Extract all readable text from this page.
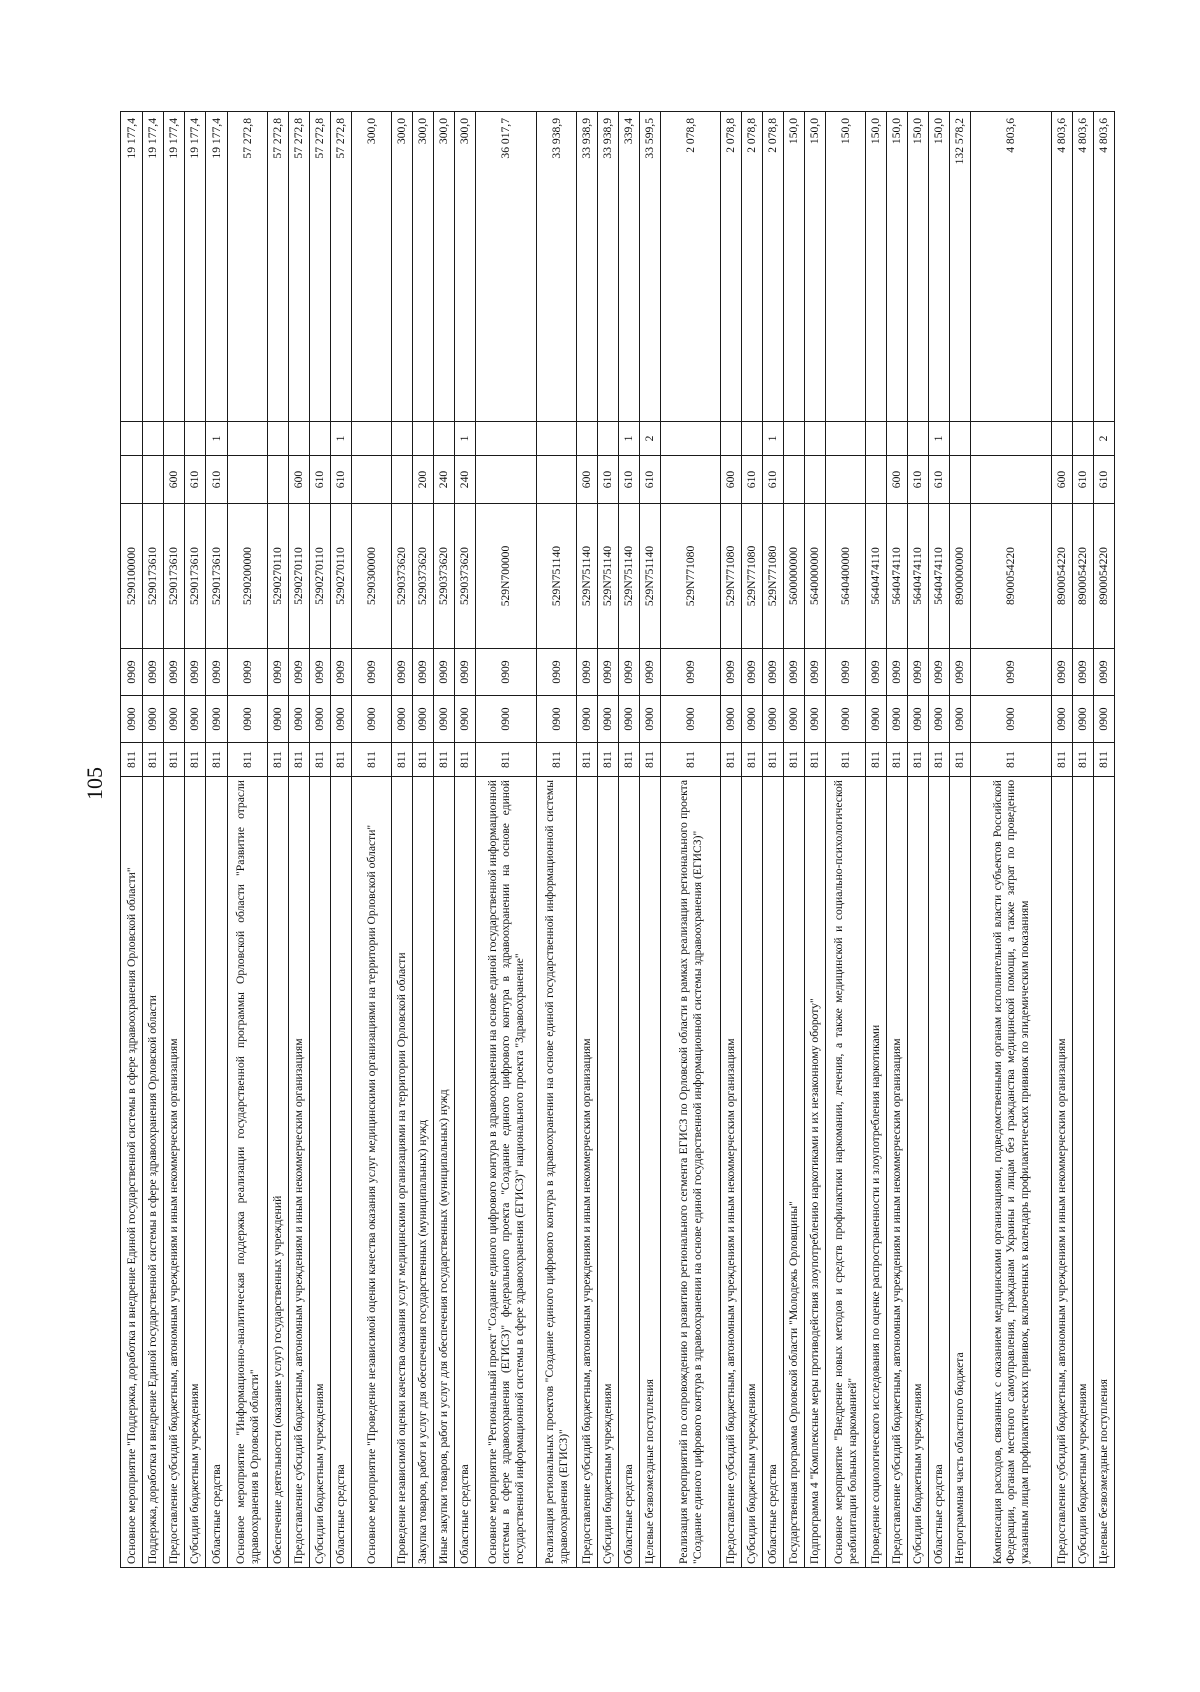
105
Основное мероприятие "Поддержка, доработка и внедрение Единой государственной системы в сфере здравоохранения Орловской области"	811	0900	0909	5290100000			19 177,4
Поддержка, доработка и внедрение Единой государственной системы в сфере здравоохранения Орловской области	811	0900	0909	5290173610			19 177,4
Предоставление субсидий бюджетным, автономным учреждениям и иным некоммерческим организациям	811	0900	0909	5290173610	600		19 177,4
Субсидии бюджетным учреждениям	811	0900	0909	5290173610	610		19 177,4
Областные средства	811	0900	0909	5290173610	610	1	19 177,4
Основное мероприятие "Информационно-аналитическая поддержка реализации государственной программы Орловской области "Развитие отрасли здравоохранения в Орловской области"	811	0900	0909	5290200000			57 272,8
Обеспечение деятельности (оказание услуг) государственных учреждений	811	0900	0909	5290270110			57 272,8
Предоставление субсидий бюджетным, автономным учреждениям и иным некоммерческим организациям	811	0900	0909	5290270110	600		57 272,8
Субсидии бюджетным учреждениям	811	0900	0909	5290270110	610		57 272,8
Областные средства	811	0900	0909	5290270110	610	1	57 272,8
Основное мероприятие "Проведение независимой оценки качества оказания услуг медицинскими организациями на территории Орловской области"	811	0900	0909	5290300000			300,0
Проведение независимой оценки качества оказания услуг медицинскими организациями на территории Орловской области	811	0900	0909	5290373620			300,0
Закупка товаров, работ и услуг для обеспечения государственных (муниципальных) нужд	811	0900	0909	5290373620	200		300,0
Иные закупки товаров, работ и услуг для обеспечения государственных (муниципальных) нужд	811	0900	0909	5290373620	240		300,0
Областные средства	811	0900	0909	5290373620	240	1	300,0
Основное мероприятие "Региональный проект "Создание единого цифрового контура в здравоохранении на основе единой государственной информационной системы в сфере здравоохранения (ЕГИСЗ)" федерального проекта "Создание единого цифрового контура в здравоохранении на основе единой государственной информационной системы в сфере здравоохранения (ЕГИСЗ)" национального проекта "Здравоохранение"	811	0900	0909	529N700000			36 017,7
Реализация региональных проектов "Создание единого цифрового контура в здравоохранении на основе единой государственной информационной системы здравоохранения (ЕГИСЗ)"	811	0900	0909	529N751140			33 938,9
Предоставление субсидий бюджетным, автономным учреждениям и иным некоммерческим организациям	811	0900	0909	529N751140	600		33 938,9
Субсидии бюджетным учреждениям	811	0900	0909	529N751140	610		33 938,9
Областные средства	811	0900	0909	529N751140	610	1	339,4
Целевые безвозмездные поступления	811	0900	0909	529N751140	610	2	33 599,5
Реализация мероприятий по сопровождению и развитию регионального сегмента ЕГИСЗ по Орловской области в рамках реализации регионального проекта "Создание единого цифрового контура в здравоохранении на основе единой государственной информационной системы здравоохранения (ЕГИСЗ)"	811	0900	0909	529N771080			2 078,8
Предоставление субсидий бюджетным, автономным учреждениям и иным некоммерческим организациям	811	0900	0909	529N771080	600		2 078,8
Субсидии бюджетным учреждениям	811	0900	0909	529N771080	610		2 078,8
Областные средства	811	0900	0909	529N771080	610	1	2 078,8
Государственная программа Орловской области "Молодежь Орловщины"	811	0900	0909	5600000000			150,0
Подпрограмма 4 "Комплексные меры противодействия злоупотреблению наркотиками и их незаконному обороту"	811	0900	0909	5640000000			150,0
Основное мероприятие "Внедрение новых методов и средств профилактики наркомании, лечения, а также медицинской и социально-психологической реабилитации больных наркоманией"	811	0900	0909	5640400000			150,0
Проведение социологического исследования по оценке распространенности и злоупотребления наркотиками	811	0900	0909	5640474110			150,0
Предоставление субсидий бюджетным, автономным учреждениям и иным некоммерческим организациям	811	0900	0909	5640474110	600		150,0
Субсидии бюджетным учреждениям	811	0900	0909	5640474110	610		150,0
Областные средства	811	0900	0909	5640474110	610	1	150,0
Непрограммная часть областного бюджета	811	0900	0909	8900000000			132 578,2
Компенсация расходов, связанных с оказанием медицинскими организациями, подведомственными органам исполнительной власти субъектов Российской Федерации, органам местного самоуправления, гражданам Украины и лицам без гражданства медицинской помощи, а также затрат по проведению указанным лицам профилактических прививок, включенных в календарь профилактических прививок по эпидемическим показаниям	811	0900	0909	8900054220			4 803,6
Предоставление субсидий бюджетным, автономным учреждениям и иным некоммерческим организациям	811	0900	0909	8900054220	600		4 803,6
Субсидии бюджетным учреждениям	811	0900	0909	8900054220	610		4 803,6
Целевые безвозмездные поступления	811	0900	0909	8900054220	610	2	4 803,6
